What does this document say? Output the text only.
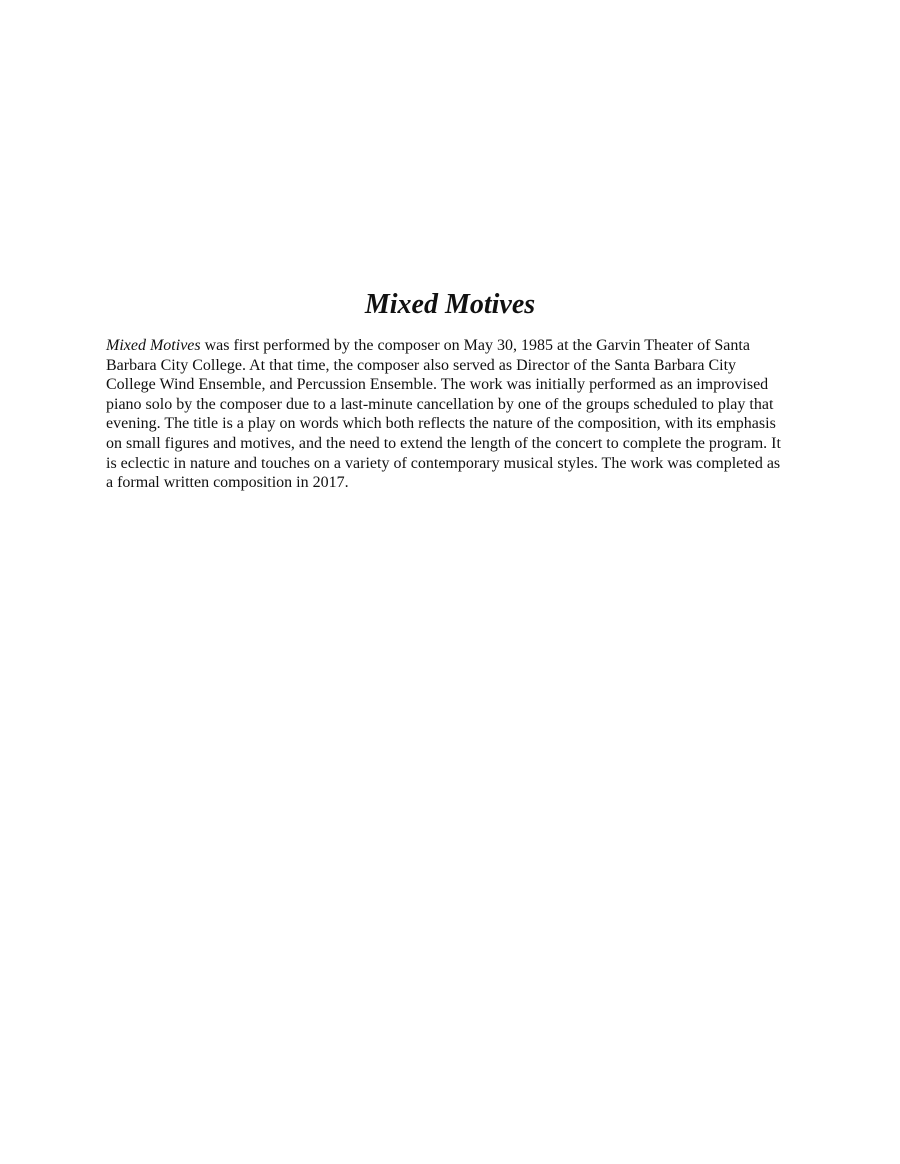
Mixed Motives

Mixed Motives was first performed by the composer on May 30, 1985 at the Garvin Theater of Santa
Barbara City College. At that time, the composer also served as Director of the Santa Barbara City
College Wind Ensemble, and Percussion Ensemble. The work was initially performed as an improvised
piano solo by the composer due to a last-minute cancellation by one of the groups scheduled to play that
evening. The title is a play on words which both reflects the nature of the composition, with its emphasis
on small figures and motives, and the need to extend the length of the concert to complete the program. It
is eclectic in nature and touches on a variety of contemporary musical styles. The work was completed as
a formal written composition in 2017.
